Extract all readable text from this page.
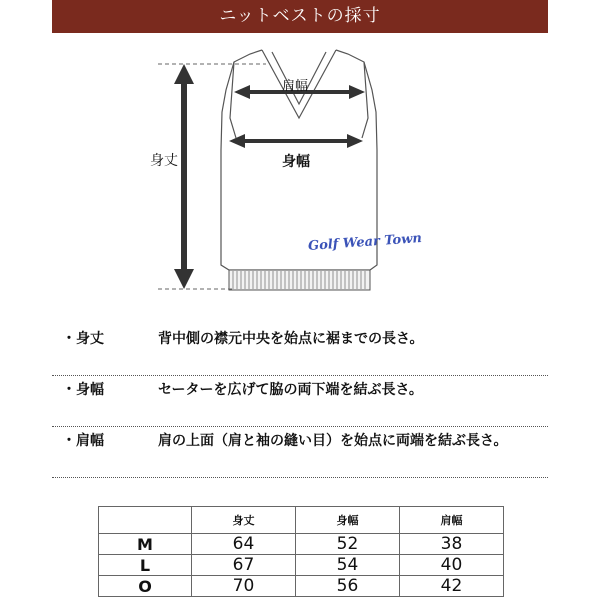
ニットベストの採寸
身丈
肩幅
身幅
Golf Wear Town
・身丈	背中側の襟元中央を始点に裾までの長さ。
・身幅	セーターを広げて脇の両下端を結ぶ長さ。
・肩幅	肩の上面（肩と袖の縫い目）を始点に両端を結ぶ長さ。
	身丈	身幅	肩幅
M	64	52	38
L	67	54	40
O	70	56	42
